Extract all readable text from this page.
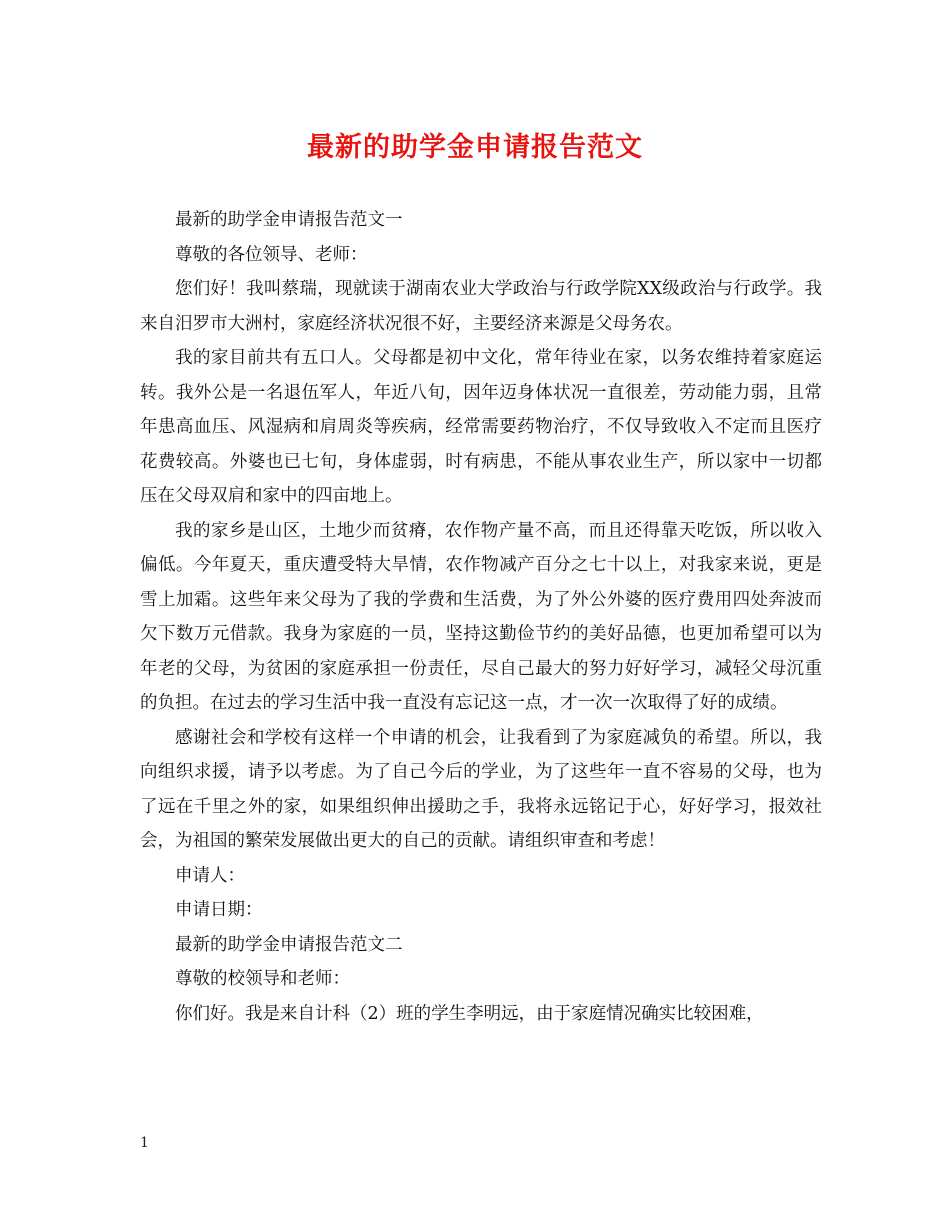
最新的助学金申请报告范文

最新的助学金申请报告范文一

尊敬的各位领导、老师：

您们好！我叫蔡瑞，现就读于湖南农业大学政治与行政学院XX级政治与行政学。我来自汨罗市大洲村，家庭经济状况很不好，主要经济来源是父母务农。

我的家目前共有五口人。父母都是初中文化，常年待业在家，以务农维持着家庭运转。我外公是一名退伍军人，年近八旬，因年迈身体状况一直很差，劳动能力弱，且常年患高血压、风湿病和肩周炎等疾病，经常需要药物治疗，不仅导致收入不定而且医疗花费较高。外婆也已七旬，身体虚弱，时有病患，不能从事农业生产，所以家中一切都压在父母双肩和家中的四亩地上。

我的家乡是山区，土地少而贫瘠，农作物产量不高，而且还得靠天吃饭，所以收入偏低。今年夏天，重庆遭受特大旱情，农作物减产百分之七十以上，对我家来说，更是雪上加霜。这些年来父母为了我的学费和生活费，为了外公外婆的医疗费用四处奔波而欠下数万元借款。我身为家庭的一员，坚持这勤俭节约的美好品德，也更加希望可以为年老的父母，为贫困的家庭承担一份责任，尽自己最大的努力好好学习，减轻父母沉重的负担。在过去的学习生活中我一直没有忘记这一点，才一次一次取得了好的成绩。

感谢社会和学校有这样一个申请的机会，让我看到了为家庭减负的希望。所以，我向组织求援，请予以考虑。为了自己今后的学业，为了这些年一直不容易的父母，也为了远在千里之外的家，如果组织伸出援助之手，我将永远铭记于心，好好学习，报效社会，为祖国的繁荣发展做出更大的自己的贡献。请组织审查和考虑！

申请人：

申请日期：

最新的助学金申请报告范文二

尊敬的校领导和老师：

你们好。我是来自计科（2）班的学生李明远，由于家庭情况确实比较困难，

1
